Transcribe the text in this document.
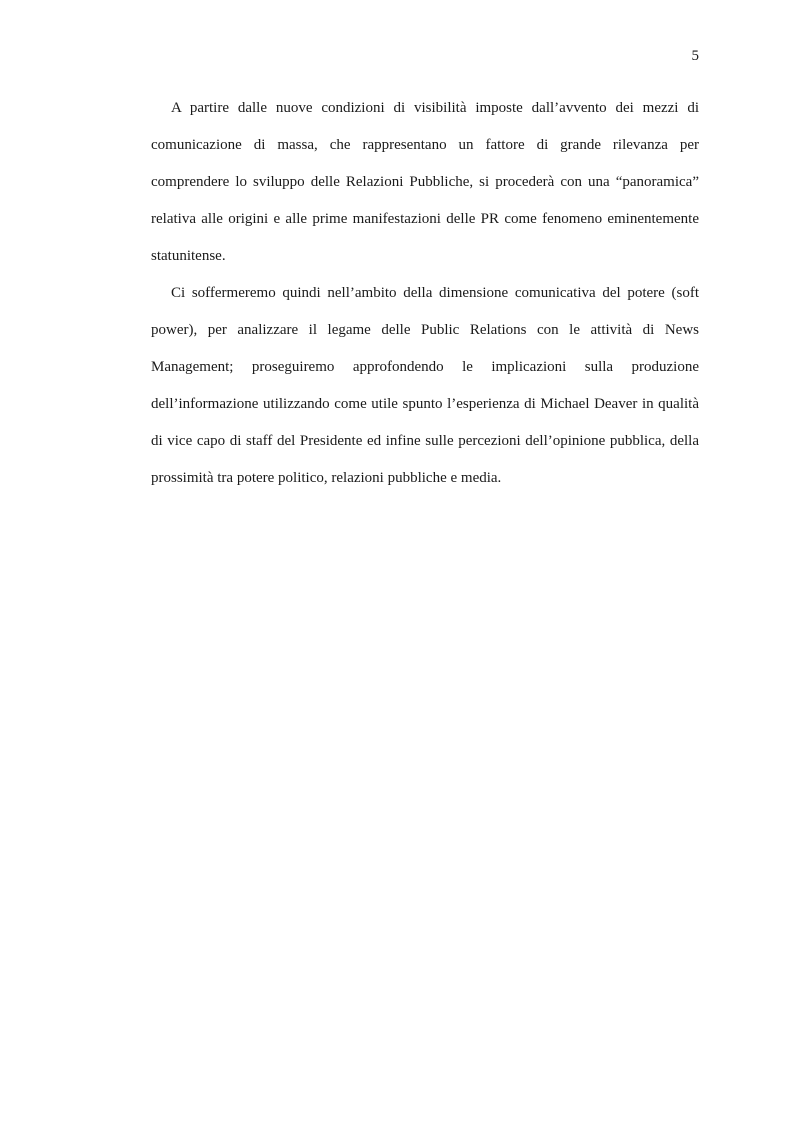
5

A partire dalle nuove condizioni di visibilità imposte dall’avvento dei mezzi di comunicazione di massa, che rappresentano un fattore di grande rilevanza per comprendere lo sviluppo delle Relazioni Pubbliche, si procederà con una “panoramica” relativa alle origini e alle prime manifestazioni delle PR come fenomeno eminentemente statunitense.

Ci soffermeremo quindi nell’ambito della dimensione comunicativa del potere (soft power), per analizzare il legame delle Public Relations con le attività di News Management; proseguiremo approfondendo le implicazioni sulla produzione dell’informazione utilizzando come utile spunto l’esperienza di Michael Deaver in qualità di vice capo di staff del Presidente ed infine sulle percezioni dell’opinione pubblica, della prossimità tra potere politico, relazioni pubbliche e media.
